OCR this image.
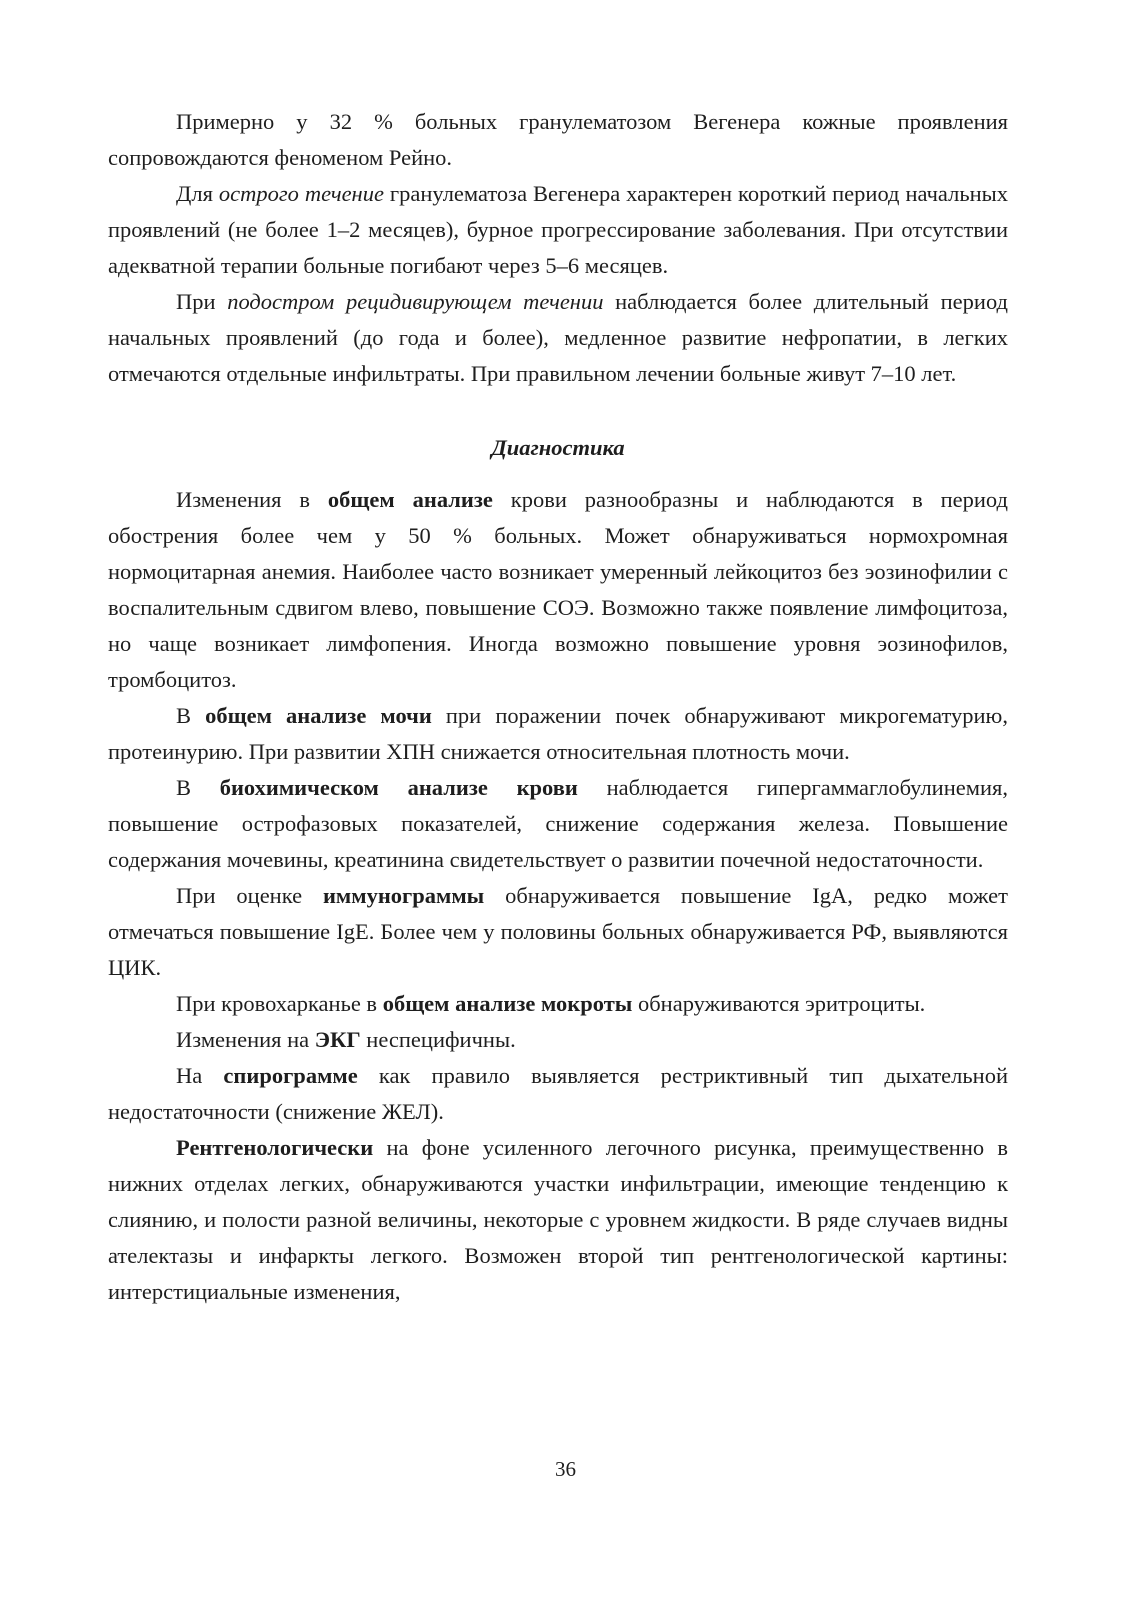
Примерно у 32 % больных гранулематозом Вегенера кожные проявления сопровождаются феноменом Рейно.

Для острого течение гранулематоза Вегенера характерен короткий период начальных проявлений (не более 1–2 месяцев), бурное прогрессирование заболевания. При отсутствии адекватной терапии больные погибают через 5–6 месяцев.

При подостром рецидивирующем течении наблюдается более длительный период начальных проявлений (до года и более), медленное развитие нефропатии, в легких отмечаются отдельные инфильтраты. При правильном лечении больные живут 7–10 лет.

Диагностика

Изменения в общем анализе крови разнообразны и наблюдаются в период обострения более чем у 50 % больных. Может обнаруживаться нормохромная нормоцитарная анемия. Наиболее часто возникает умеренный лейкоцитоз без эозинофилии с воспалительным сдвигом влево, повышение СОЭ. Возможно также появление лимфоцитоза, но чаще возникает лимфопения. Иногда возможно повышение уровня эозинофилов, тромбоцитоз.

В общем анализе мочи при поражении почек обнаруживают микрогематурию, протеинурию. При развитии ХПН снижается относительная плотность мочи.

В биохимическом анализе крови наблюдается гипергаммаглобулинемия, повышение острофазовых показателей, снижение содержания железа. Повышение содержания мочевины, креатинина свидетельствует о развитии почечной недостаточности.

При оценке иммунограммы обнаруживается повышение IgA, редко может отмечаться повышение IgE. Более чем у половины больных обнаруживается РФ, выявляются ЦИК.

При кровохарканье в общем анализе мокроты обнаруживаются эритроциты.

Изменения на ЭКГ неспецифичны.

На спирограмме как правило выявляется рестриктивный тип дыхательной недостаточности (снижение ЖЕЛ).

Рентгенологически на фоне усиленного легочного рисунка, преимущественно в нижних отделах легких, обнаруживаются участки инфильтрации, имеющие тенденцию к слиянию, и полости разной величины, некоторые с уровнем жидкости. В ряде случаев видны ателектазы и инфаркты легкого. Возможен второй тип рентгенологической картины: интерстициальные изменения,

36
